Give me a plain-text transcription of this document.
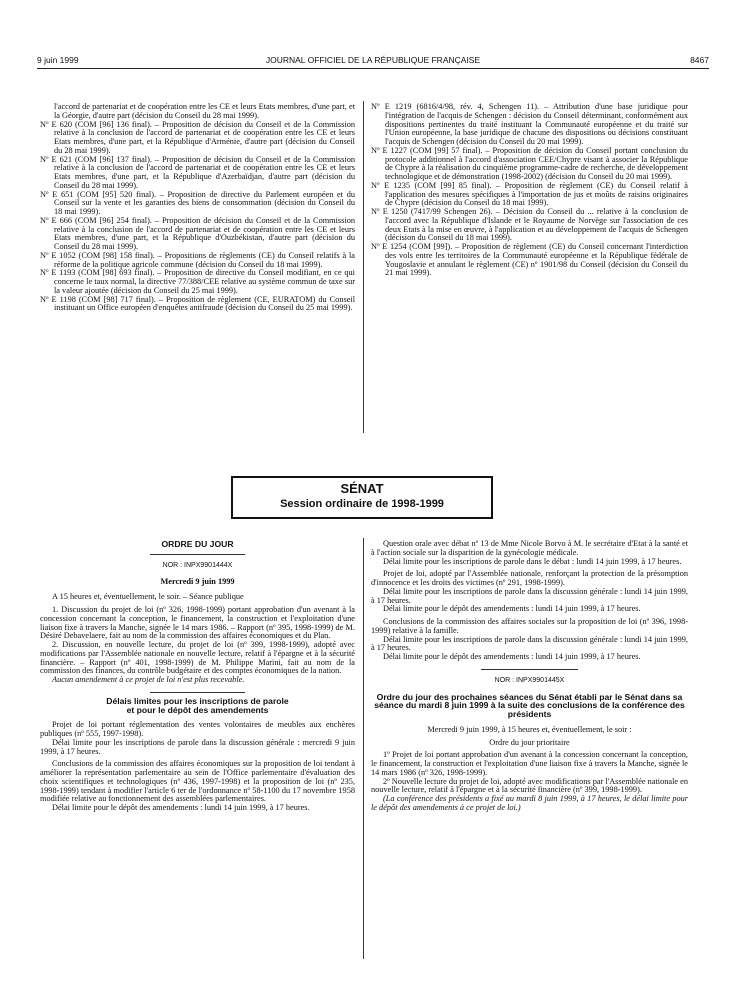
9 juin 1999	JOURNAL OFFICIEL DE LA RÉPUBLIQUE FRANÇAISE	8467

l'accord de partenariat et de coopération entre les CE et leurs Etats membres, d'une part, et la Géorgie, d'autre part (décision du Conseil du 28 mai 1999).

Nº E 620 (COM [96] 136 final). – Proposition de décision du Conseil et de la Commission relative à la conclusion de l'accord de partenariat et de coopération entre les CE et leurs Etats membres, d'une part, et la République d'Arménie, d'autre part (décision du Conseil du 28 mai 1999).

Nº E 621 (COM [96] 137 final). – Proposition de décision du Conseil et de la Commission relative à la conclusion de l'accord de partenariat et de coopération entre les CE et leurs Etats membres, d'une part, et la République d'Azerbaïdjan, d'autre part (décision du Conseil du 28 mai 1999).

Nº E 651 (COM [95] 520 final). – Proposition de directive du Parlement européen et du Conseil sur la vente et les garanties des biens de consommation (décision du Conseil du 18 mai 1999).

Nº E 666 (COM [96] 254 final). – Proposition de décision du Conseil et de la Commission relative à la conclusion de l'accord de partenariat et de coopération entre les CE et leurs Etats membres, d'une part, et la République d'Ouzbékistan, d'autre part (décision du Conseil du 28 mai 1999).

Nº E 1052 (COM [98] 158 final). – Propositions de règlements (CE) du Conseil relatifs à la réforme de la politique agricole commune (décision du Conseil du 18 mai 1999).

Nº E 1193 (COM [98] 693 final). – Proposition de directive du Conseil modifiant, en ce qui concerne le taux normal, la directive 77/388/CEE relative au système commun de taxe sur la valeur ajoutée (décision du Conseil du 25 mai 1999).

Nº E 1198 (COM [98] 717 final). – Proposition de règlement (CE, EURATOM) du Conseil instituant un Office européen d'enquêtes antifraude (décision du Conseil du 25 mai 1999).

Nº E 1219 (6816/4/98, rév. 4, Schengen 11). – Attribution d'une base juridique pour l'intégration de l'acquis de Schengen : décision du Conseil déterminant, conformément aux dispositions pertinentes du traité instituant la Communauté européenne et du traité sur l'Union européenne, la base juridique de chacune des dispositions ou décisions constituant l'acquis de Schengen (décision du Conseil du 20 mai 1999).

Nº E 1227 (COM [99] 57 final). – Proposition de décision du Conseil portant conclusion du protocole additionnel à l'accord d'association CEE/Chypre visant à associer la République de Chypre à la réalisation du cinquième programme-cadre de recherche, de développement technologique et de démonstration (1998-2002) (décision du Conseil du 20 mai 1999).

Nº E 1235 (COM [99] 85 final). – Proposition de règlement (CE) du Conseil relatif à l'application des mesures spécifiques à l'importation de jus et moûts de raisins originaires de Chypre (décision du Conseil du 18 mai 1999).

Nº E 1250 (7417/99 Schengen 26). – Décision du Conseil du ... relative à la conclusion de l'accord avec la République d'Islande et le Royaume de Norvège sur l'association de ces deux Etats à la mise en œuvre, à l'application et au développement de l'acquis de Schengen (décision du Conseil du 18 mai 1999).

Nº E 1254 (COM [99]). – Proposition de règlement (CE) du Conseil concernant l'interdiction des vols entre les territoires de la Communauté européenne et la République fédérale de Yougoslavie et annulant le règlement (CE) nº 1901/98 du Conseil (décision du Conseil du 21 mai 1999).

SÉNAT
Session ordinaire de 1998-1999
ORDRE DU JOUR
NOR : INPX9901444X

Mercredi 9 juin 1999

A 15 heures et, éventuellement, le soir. – Séance publique

1. Discussion du projet de loi (nº 326, 1998-1999) portant approbation d'un avenant à la concession concernant la conception, le financement, la construction et l'exploitation d'une liaison fixe à travers la Manche, signée le 14 mars 1986. – Rapport (nº 395, 1998-1999) de M. Désiré Debavelaere, fait au nom de la commission des affaires économiques et du Plan.

2. Discussion, en nouvelle lecture, du projet de loi (nº 399, 1998-1999), adopté avec modifications par l'Assemblée nationale en nouvelle lecture, relatif à l'épargne et à la sécurité financière. – Rapport (nº 401, 1998-1999) de M. Philippe Marini, fait au nom de la commission des finances, du contrôle budgétaire et des comptes économiques de la nation.

Aucun amendement à ce projet de loi n'est plus recevable.

Délais limites pour les inscriptions de parole
et pour le dépôt des amendements

Projet de loi portant réglementation des ventes volontaires de meubles aux enchères publiques (nº 555, 1997-1998).

Délai limite pour les inscriptions de parole dans la discussion générale : mercredi 9 juin 1999, à 17 heures.

Conclusions de la commission des affaires économiques sur la proposition de loi tendant à améliorer la représentation parlementaire au sein de l'Office parlementaire d'évaluation des choix scientifiques et technologiques (nº 436, 1997-1998) et la proposition de loi (nº 235, 1998-1999) tendant à modifier l'article 6 ter de l'ordonnance nº 58-1100 du 17 novembre 1958 modifiée relative au fonctionnement des assemblées parlementaires.

Délai limite pour le dépôt des amendements : lundi 14 juin 1999, à 17 heures.

Question orale avec débat nº 13 de Mme Nicole Borvo à M. le secrétaire d'Etat à la santé et à l'action sociale sur la disparition de la gynécologie médicale.

Délai limite pour les inscriptions de parole dans le débat : lundi 14 juin 1999, à 17 heures.

Projet de loi, adopté par l'Assemblée nationale, renforçant la protection de la présomption d'innocence et les droits des victimes (nº 291, 1998-1999).

Délai limite pour les inscriptions de parole dans la discussion générale : lundi 14 juin 1999, à 17 heures.

Délai limite pour le dépôt des amendements : lundi 14 juin 1999, à 17 heures.

Conclusions de la commission des affaires sociales sur la proposition de loi (nº 396, 1998-1999) relative à la famille.

Délai limite pour les inscriptions de parole dans la discussion générale : lundi 14 juin 1999, à 17 heures.

Délai limite pour le dépôt des amendements : lundi 14 juin 1999, à 17 heures.

NOR : INPX9901445X
Ordre du jour des prochaines séances du Sénat établi par le Sénat dans sa séance du mardi 8 juin 1999 à la suite des conclusions de la conférence des présidents

Mercredi 9 juin 1999, à 15 heures et, éventuellement, le soir :

Ordre du jour prioritaire

1º Projet de loi portant approbation d'un avenant à la concession concernant la conception, le financement, la construction et l'exploitation d'une liaison fixe à travers la Manche, signée le 14 mars 1986 (nº 326, 1998-1999).

2º Nouvelle lecture du projet de loi, adopté avec modifications par l'Assemblée nationale en nouvelle lecture, relatif à l'épargne et à la sécurité financière (nº 399, 1998-1999).

(La conférence des présidents a fixé au mardi 8 juin 1999, à 17 heures, le délai limite pour le dépôt des amendements à ce projet de loi.)
